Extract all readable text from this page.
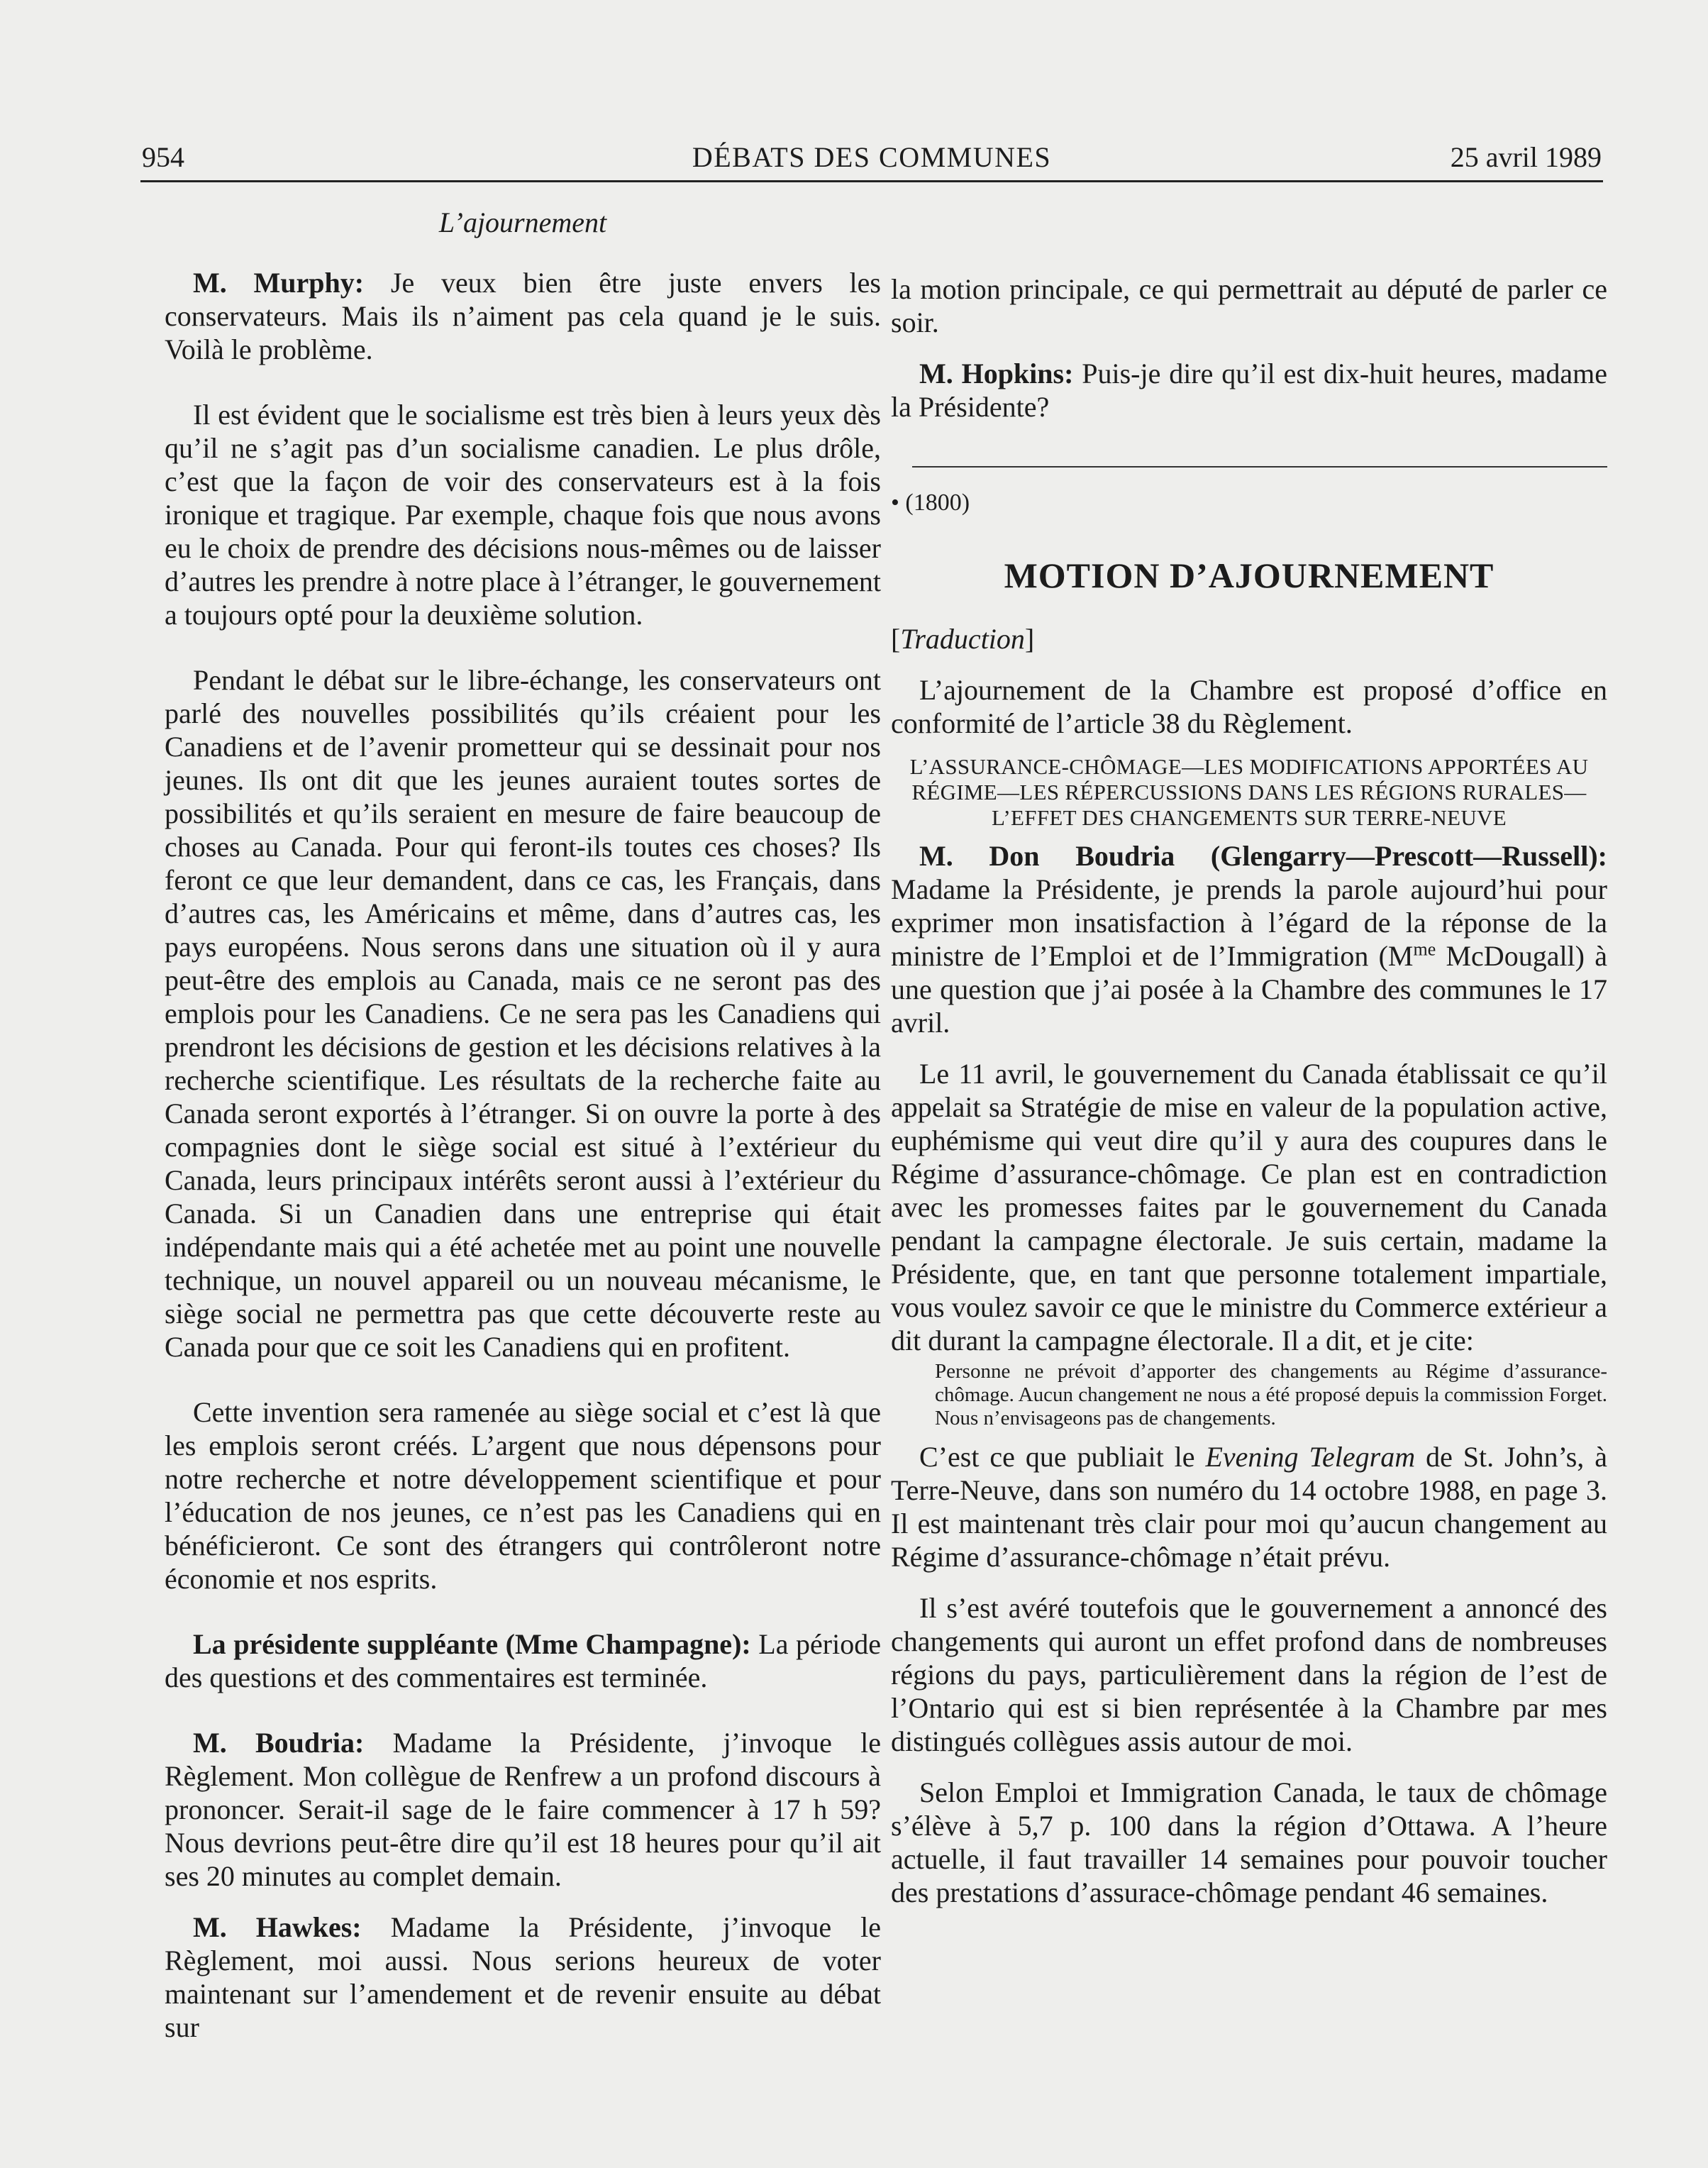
954	DÉBATS DES COMMUNES	25 avril 1989
L’ajournement

M. Murphy: Je veux bien être juste envers les conservateurs. Mais ils n’aiment pas cela quand je le suis. Voilà le problème.

Il est évident que le socialisme est très bien à leurs yeux dès qu’il ne s’agit pas d’un socialisme canadien. Le plus drôle, c’est que la façon de voir des conservateurs est à la fois ironique et tragique. Par exemple, chaque fois que nous avons eu le choix de prendre des décisions nous-mêmes ou de laisser d’autres les prendre à notre place à l’étranger, le gouvernement a toujours opté pour la deuxième solution.

Pendant le débat sur le libre-échange, les conservateurs ont parlé des nouvelles possibilités qu’ils créaient pour les Canadiens et de l’avenir prometteur qui se dessinait pour nos jeunes. Ils ont dit que les jeunes auraient toutes sortes de possibilités et qu’ils seraient en mesure de faire beaucoup de choses au Canada. Pour qui feront-ils toutes ces choses? Ils feront ce que leur demandent, dans ce cas, les Français, dans d’autres cas, les Américains et même, dans d’autres cas, les pays européens. Nous serons dans une situation où il y aura peut-être des emplois au Canada, mais ce ne seront pas des emplois pour les Canadiens. Ce ne sera pas les Canadiens qui prendront les décisions de gestion et les décisions relatives à la recherche scientifique. Les résultats de la recherche faite au Canada seront exportés à l’étranger. Si on ouvre la porte à des compagnies dont le siège social est situé à l’extérieur du Canada, leurs principaux intérêts seront aussi à l’extérieur du Canada. Si un Canadien dans une entreprise qui était indépendante mais qui a été achetée met au point une nouvelle technique, un nouvel appareil ou un nouveau mécanisme, le siège social ne permettra pas que cette découverte reste au Canada pour que ce soit les Canadiens qui en profitent.

Cette invention sera ramenée au siège social et c’est là que les emplois seront créés. L’argent que nous dépensons pour notre recherche et notre développement scientifique et pour l’éducation de nos jeunes, ce n’est pas les Canadiens qui en bénéficieront. Ce sont des étrangers qui contrôleront notre économie et nos esprits.

La présidente suppléante (Mme Champagne): La période des questions et des commentaires est terminée.

M. Boudria: Madame la Présidente, j’invoque le Règlement. Mon collègue de Renfrew a un profond discours à prononcer. Serait-il sage de le faire commencer à 17 h 59? Nous devrions peut-être dire qu’il est 18 heures pour qu’il ait ses 20 minutes au complet demain.

M. Hawkes: Madame la Présidente, j’invoque le Règlement, moi aussi. Nous serions heureux de voter maintenant sur l’amendement et de revenir ensuite au débat sur

la motion principale, ce qui permettrait au député de parler ce soir.

M. Hopkins: Puis-je dire qu’il est dix-huit heures, madame la Présidente?

• (1800)
MOTION D’AJOURNEMENT
[Traduction]

L’ajournement de la Chambre est proposé d’office en conformité de l’article 38 du Règlement.

L’ASSURANCE-CHÔMAGE—LES MODIFICATIONS APPORTÉES AU RÉGIME—LES RÉPERCUSSIONS DANS LES RÉGIONS RURALES—L’EFFET DES CHANGEMENTS SUR TERRE-NEUVE

M. Don Boudria (Glengarry—Prescott—Russell): Madame la Présidente, je prends la parole aujourd’hui pour exprimer mon insatisfaction à l’égard de la réponse de la ministre de l’Emploi et de l’Immigration ($M^{me}$ McDougall) à une question que j’ai posée à la Chambre des communes le 17 avril.

Le 11 avril, le gouvernement du Canada établissait ce qu’il appelait sa Stratégie de mise en valeur de la population active, euphémisme qui veut dire qu’il y aura des coupures dans le Régime d’assurance-chômage. Ce plan est en contradiction avec les promesses faites par le gouvernement du Canada pendant la campagne électorale. Je suis certain, madame la Présidente, que, en tant que personne totalement impartiale, vous voulez savoir ce que le ministre du Commerce extérieur a dit durant la campagne électorale. Il a dit, et je cite:

Personne ne prévoit d’apporter des changements au Régime d’assurance-chômage. Aucun changement ne nous a été proposé depuis la commission Forget. Nous n’envisageons pas de changements.

C’est ce que publiait le Evening Telegram de St. John’s, à Terre-Neuve, dans son numéro du 14 octobre 1988, en page 3. Il est maintenant très clair pour moi qu’aucun changement au Régime d’assurance-chômage n’était prévu.

Il s’est avéré toutefois que le gouvernement a annoncé des changements qui auront un effet profond dans de nombreuses régions du pays, particulièrement dans la région de l’est de l’Ontario qui est si bien représentée à la Chambre par mes distingués collègues assis autour de moi.

Selon Emploi et Immigration Canada, le taux de chômage s’élève à 5,7 p. 100 dans la région d’Ottawa. A l’heure actuelle, il faut travailler 14 semaines pour pouvoir toucher des prestations d’assurace-chômage pendant 46 semaines.
